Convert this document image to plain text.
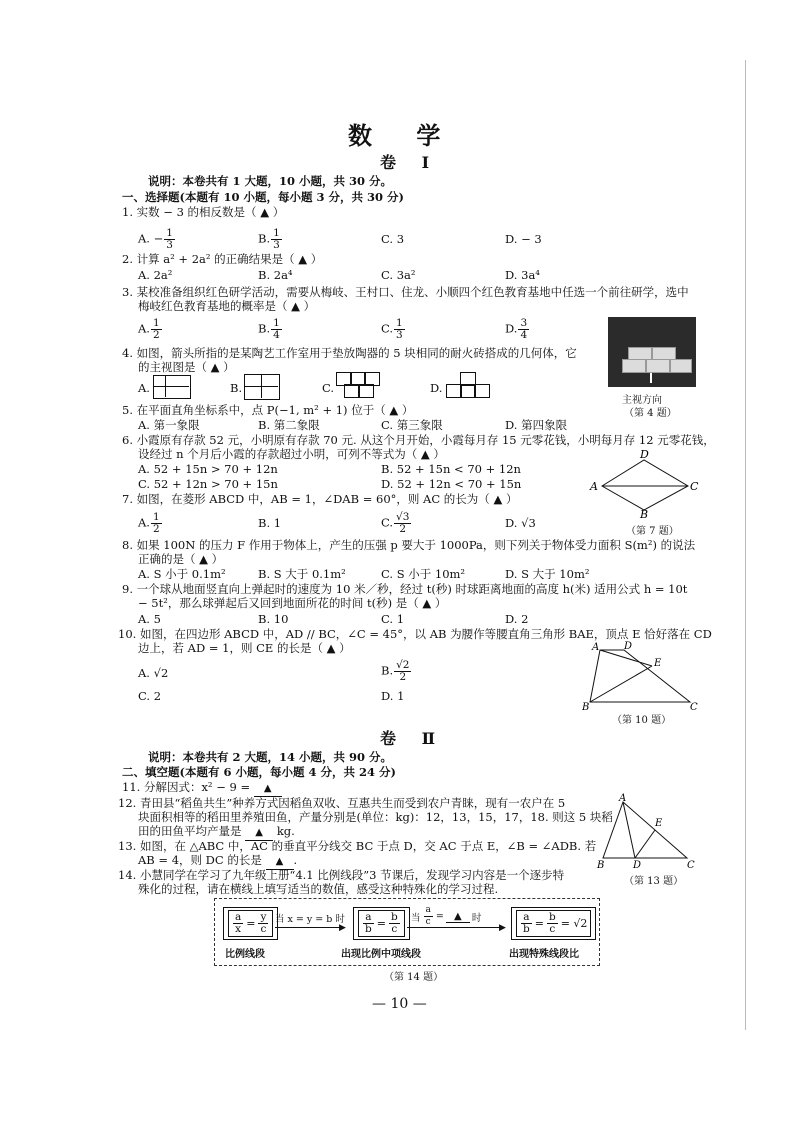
数 学
卷 Ⅰ
说明：本卷共有 1 大题，10 小题，共 30 分。
一、选择题(本题有 10 小题，每小题 3 分，共 30 分)
1. 实数 − 3 的相反数是（ ▲ ）
A. − $\frac{1}{3}$	B. $\frac{1}{3}$	C. 3	D. − 3
2. 计算 a² + 2a² 的正确结果是（ ▲ ）
A. 2a²	B. 2a⁴	C. 3a²	D. 3a⁴
3. 某校准备组织红色研学活动，需要从梅岐、王村口、住龙、小顺四个红色教育基地中任选一个前往研学，选中
梅岐红色教育基地的概率是（ ▲ ）
A. $\frac{1}{2}$	B. $\frac{1}{4}$	C. $\frac{1}{3}$	D. $\frac{3}{4}$
主视方向
（第 4 题）
4. 如图，箭头所指的是某陶艺工作室用于垫放陶器的 5 块相同的耐火砖搭成的几何体，它
的主视图是（ ▲ ）
A.	B.	C.	D.
5. 在平面直角坐标系中，点 P(−1, m² + 1) 位于（ ▲ ）
A. 第一象限	B. 第二象限	C. 第三象限	D. 第四象限
6. 小霞原有存款 52 元，小明原有存款 70 元. 从这个月开始，小霞每月存 15 元零花钱，小明每月存 12 元零花钱，
设经过 n 个月后小霞的存款超过小明，可列不等式为（ ▲ ）
A. 52 + 15n > 70 + 12n	B. 52 + 15n < 70 + 12n
C. 52 + 12n > 70 + 15n	D. 52 + 12n < 70 + 15n	A
D
C
B
（第 7 题）
7. 如图，在菱形 ABCD 中，AB = 1，∠DAB = 60°，则 AC 的长为（ ▲ ）
A. $\frac{1}{2}$	B. 1	C. $\frac{√3}{2}$	D. √3
8. 如果 100N 的压力 F 作用于物体上，产生的压强 p 要大于 1000Pa，则下列关于物体受力面积 S(m²) 的说法
正确的是（ ▲ ）
A. S 小于 0.1m²	B. S 大于 0.1m²	C. S 小于 10m²	D. S 大于 10m²
9. 一个球从地面竖直向上弹起时的速度为 10 米／秒，经过 t(秒) 时球距离地面的高度 h(米) 适用公式 h = 10t
− 5t²，那么球弹起后又回到地面所花的时间 t(秒) 是（ ▲ ）
A. 5	B. 10	C. 1	D. 2
10. 如图，在四边形 ABCD 中，AD // BC，∠C = 45°，以 AB 为腰作等腰直角三角形 BAE，顶点 E 恰好落在 CD
边上，若 AD = 1，则 CE 的长是（ ▲ ）
A. √2	B. $\frac{√2}{2}$
C. 2	D. 1
A D
E
B	C
（第 10 题）
卷 Ⅱ
说明：本卷共有 2 大题，14 小题，共 90 分。
二、填空题(本题有 6 小题，每小题 4 分，共 24 分)
11. 分解因式：x² − 9 = ▲
12. 青田县“稻鱼共生”种养方式因稻鱼双收、互惠共生而受到农户青睐，现有一农户在 5
块面积相等的稻田里养殖田鱼，产量分别是(单位：kg)：12，13，15，17，18. 则这 5 块稻
田的田鱼平均产量是 ▲ kg.
13. 如图，在 △ABC 中，AC 的垂直平分线交 BC 于点 D，交 AC 于点 E，∠B = ∠ADB. 若
AB = 4，则 DC 的长是 ▲ .
A
E
B	D	C
（第 13 题）
14. 小慧同学在学习了九年级上册“4.1 比例线段”3 节课后，发现学习内容是一个逐步特
殊化的过程，请在横线上填写适当的数值，感受这种特殊化的学习过程.
$\frac{a}{x} = \frac{y}{c}$
比例线段
当 x = y = b 时
▶ $\frac{a}{b} = \frac{b}{c}$
出现比例中项线段
当 $\frac{a}{c}$ =	▲	时
▶ $\frac{a}{b} = \frac{b}{c} = √2$
出现特殊线段比
（第 14 题）
— 10 —
